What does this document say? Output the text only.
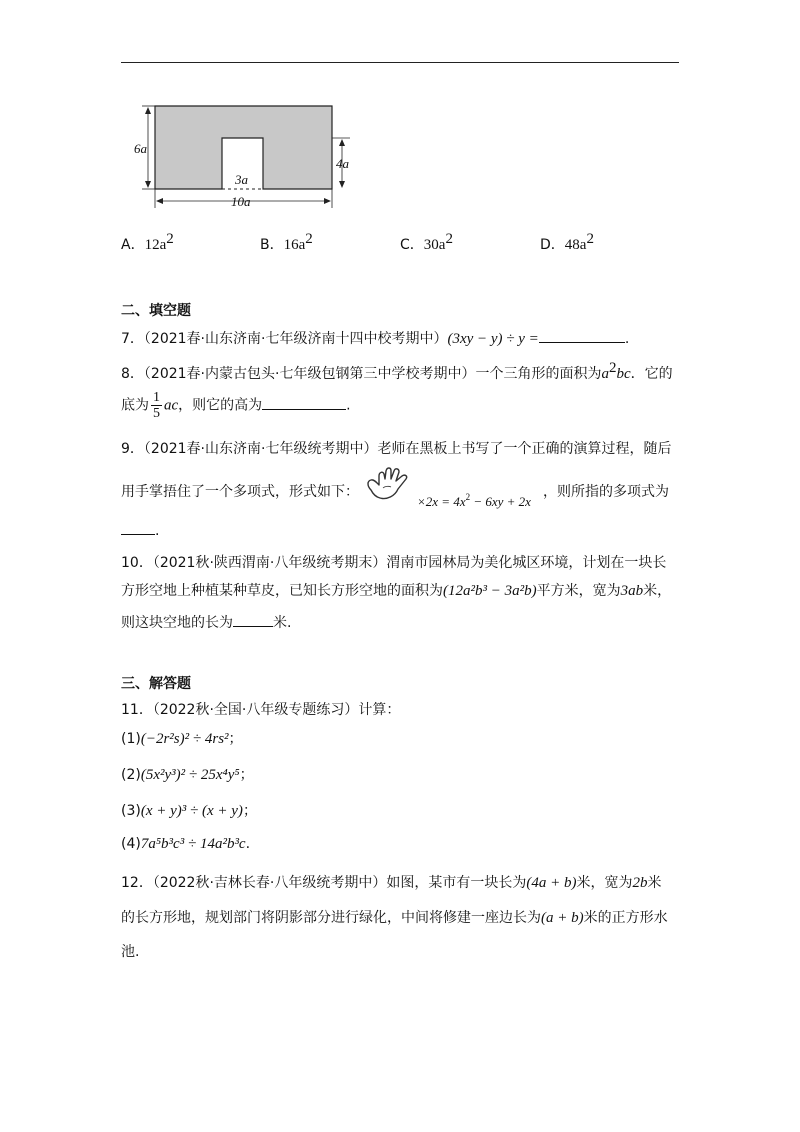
6a
4a
3a
10a
A．$12a^2$	B．$16a^2$	C．$30a^2$	D．$48a^2$
二、填空题
7．（2021春·山东济南·七年级济南十四中校考期中）(3xy − y) ÷ y =	.
8．（2021春·内蒙古包头·七年级包钢第三中学校考期中）一个三角形的面积为$a^2bc$．它的
底为 $\frac{1}{5}$ ac，则它的高为	.
9．（2021春·山东济南·七年级统考期中）老师在黑板上书写了一个正确的演算过程，随后
用手掌捂住了一个多项式，形式如下：
$\times 2x = 4x^2 - 6xy + 2x$
，则所指的多项式为
.
10．（2021秋·陕西渭南·八年级统考期末）渭南市园林局为美化城区环境，计划在一块长
方形空地上种植某种草皮，已知长方形空地的面积为(12a²b³ − 3a²b)平方米，宽为3ab米，
则这块空地的长为	米.
三、解答题
11．（2022秋·全国·八年级专题练习）计算：
(1)(−2r²s)² ÷ 4rs²；
(2)(5x²y³)² ÷ 25x⁴y⁵；
(3)(x + y)³ ÷ (x + y)；
(4)7a⁵b³c³ ÷ 14a²b³c.
12．（2022秋·吉林长春·八年级统考期中）如图，某市有一块长为(4a + b)米，宽为2b米
的长方形地，规划部门将阴影部分进行绿化，中间将修建一座边长为(a + b)米的正方形水
池.
